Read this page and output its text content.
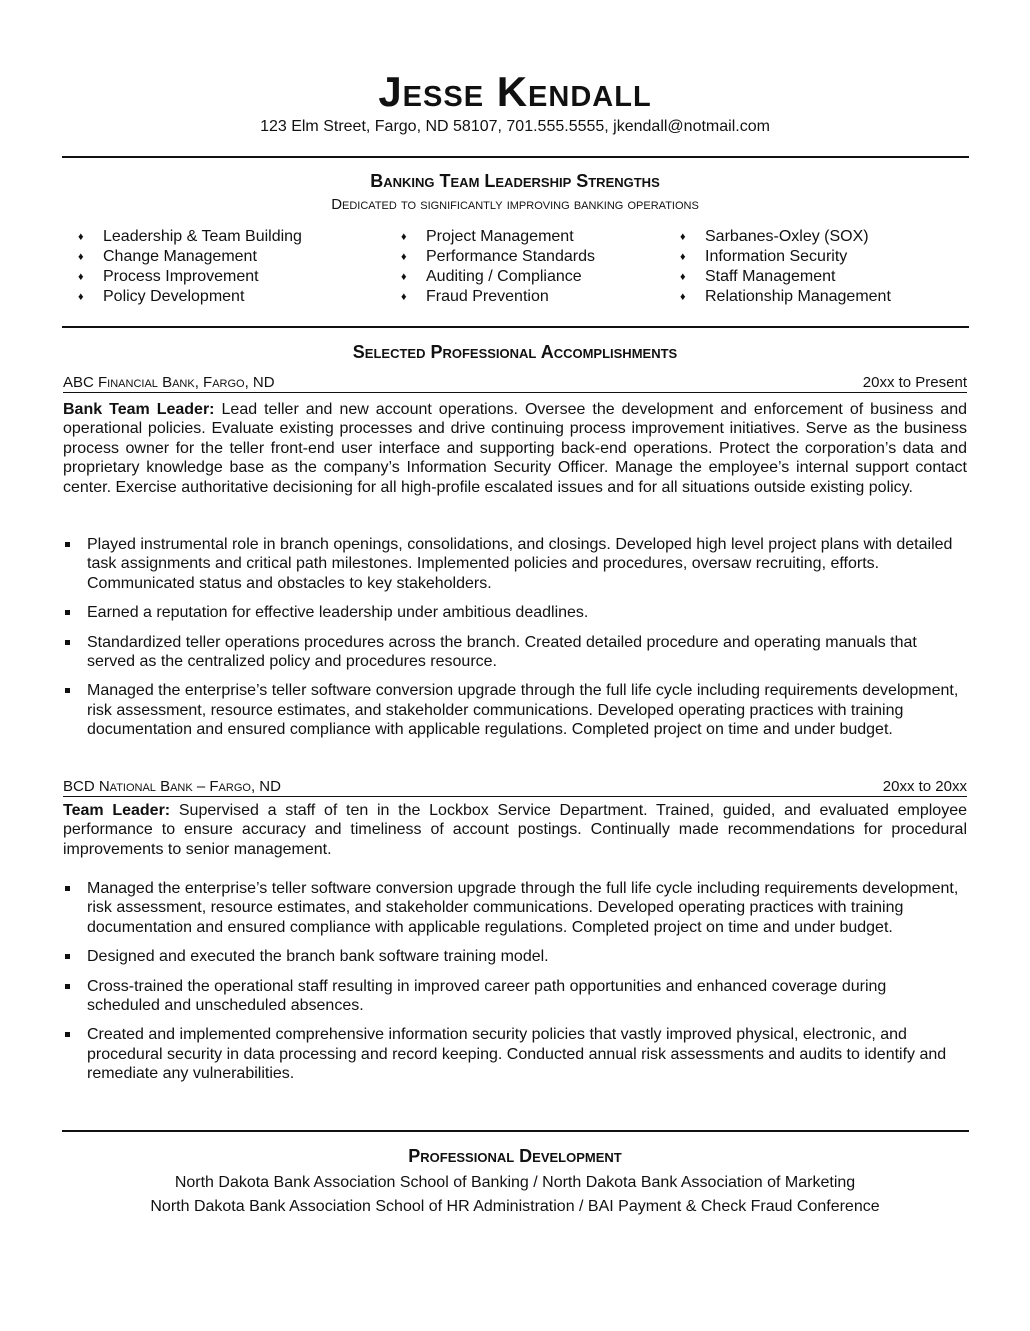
Jesse Kendall
123 Elm Street, Fargo, ND 58107, 701.555.5555, jkendall@notmail.com
Banking Team Leadership Strengths
Dedicated to significantly improving banking operations
♦ Leadership & Team Building
♦ Change Management
♦ Process Improvement
♦ Policy Development
♦ Project Management
♦ Performance Standards
♦ Auditing / Compliance
♦ Fraud Prevention
♦ Sarbanes-Oxley (SOX)
♦ Information Security
♦ Staff Management
♦ Relationship Management
Selected Professional Accomplishments
ABC Financial Bank, Fargo, ND	20xx to Present
Bank Team Leader: Lead teller and new account operations. Oversee the development and enforcement of business and operational policies. Evaluate existing processes and drive continuing process improvement initiatives. Serve as the business process owner for the teller front-end user interface and supporting back-end operations. Protect the corporation’s data and proprietary knowledge base as the company’s Information Security Officer. Manage the employee’s internal support contact center. Exercise authoritative decisioning for all high-profile escalated issues and for all situations outside existing policy.
Played instrumental role in branch openings, consolidations, and closings. Developed high level project plans with detailed task assignments and critical path milestones. Implemented policies and procedures, oversaw recruiting, efforts. Communicated status and obstacles to key stakeholders.
Earned a reputation for effective leadership under ambitious deadlines.
Standardized teller operations procedures across the branch. Created detailed procedure and operating manuals that served as the centralized policy and procedures resource.
Managed the enterprise’s teller software conversion upgrade through the full life cycle including requirements development, risk assessment, resource estimates, and stakeholder communications. Developed operating practices with training documentation and ensured compliance with applicable regulations. Completed project on time and under budget.
BCD National Bank – Fargo, ND	20xx to 20xx
Team Leader: Supervised a staff of ten in the Lockbox Service Department. Trained, guided, and evaluated employee performance to ensure accuracy and timeliness of account postings. Continually made recommendations for procedural improvements to senior management.
Managed the enterprise’s teller software conversion upgrade through the full life cycle including requirements development, risk assessment, resource estimates, and stakeholder communications. Developed operating practices with training documentation and ensured compliance with applicable regulations. Completed project on time and under budget.
Designed and executed the branch bank software training model.
Cross-trained the operational staff resulting in improved career path opportunities and enhanced coverage during scheduled and unscheduled absences.
Created and implemented comprehensive information security policies that vastly improved physical, electronic, and procedural security in data processing and record keeping. Conducted annual risk assessments and audits to identify and remediate any vulnerabilities.
Professional Development
North Dakota Bank Association School of Banking / North Dakota Bank Association of Marketing
North Dakota Bank Association School of HR Administration / BAI Payment & Check Fraud Conference
